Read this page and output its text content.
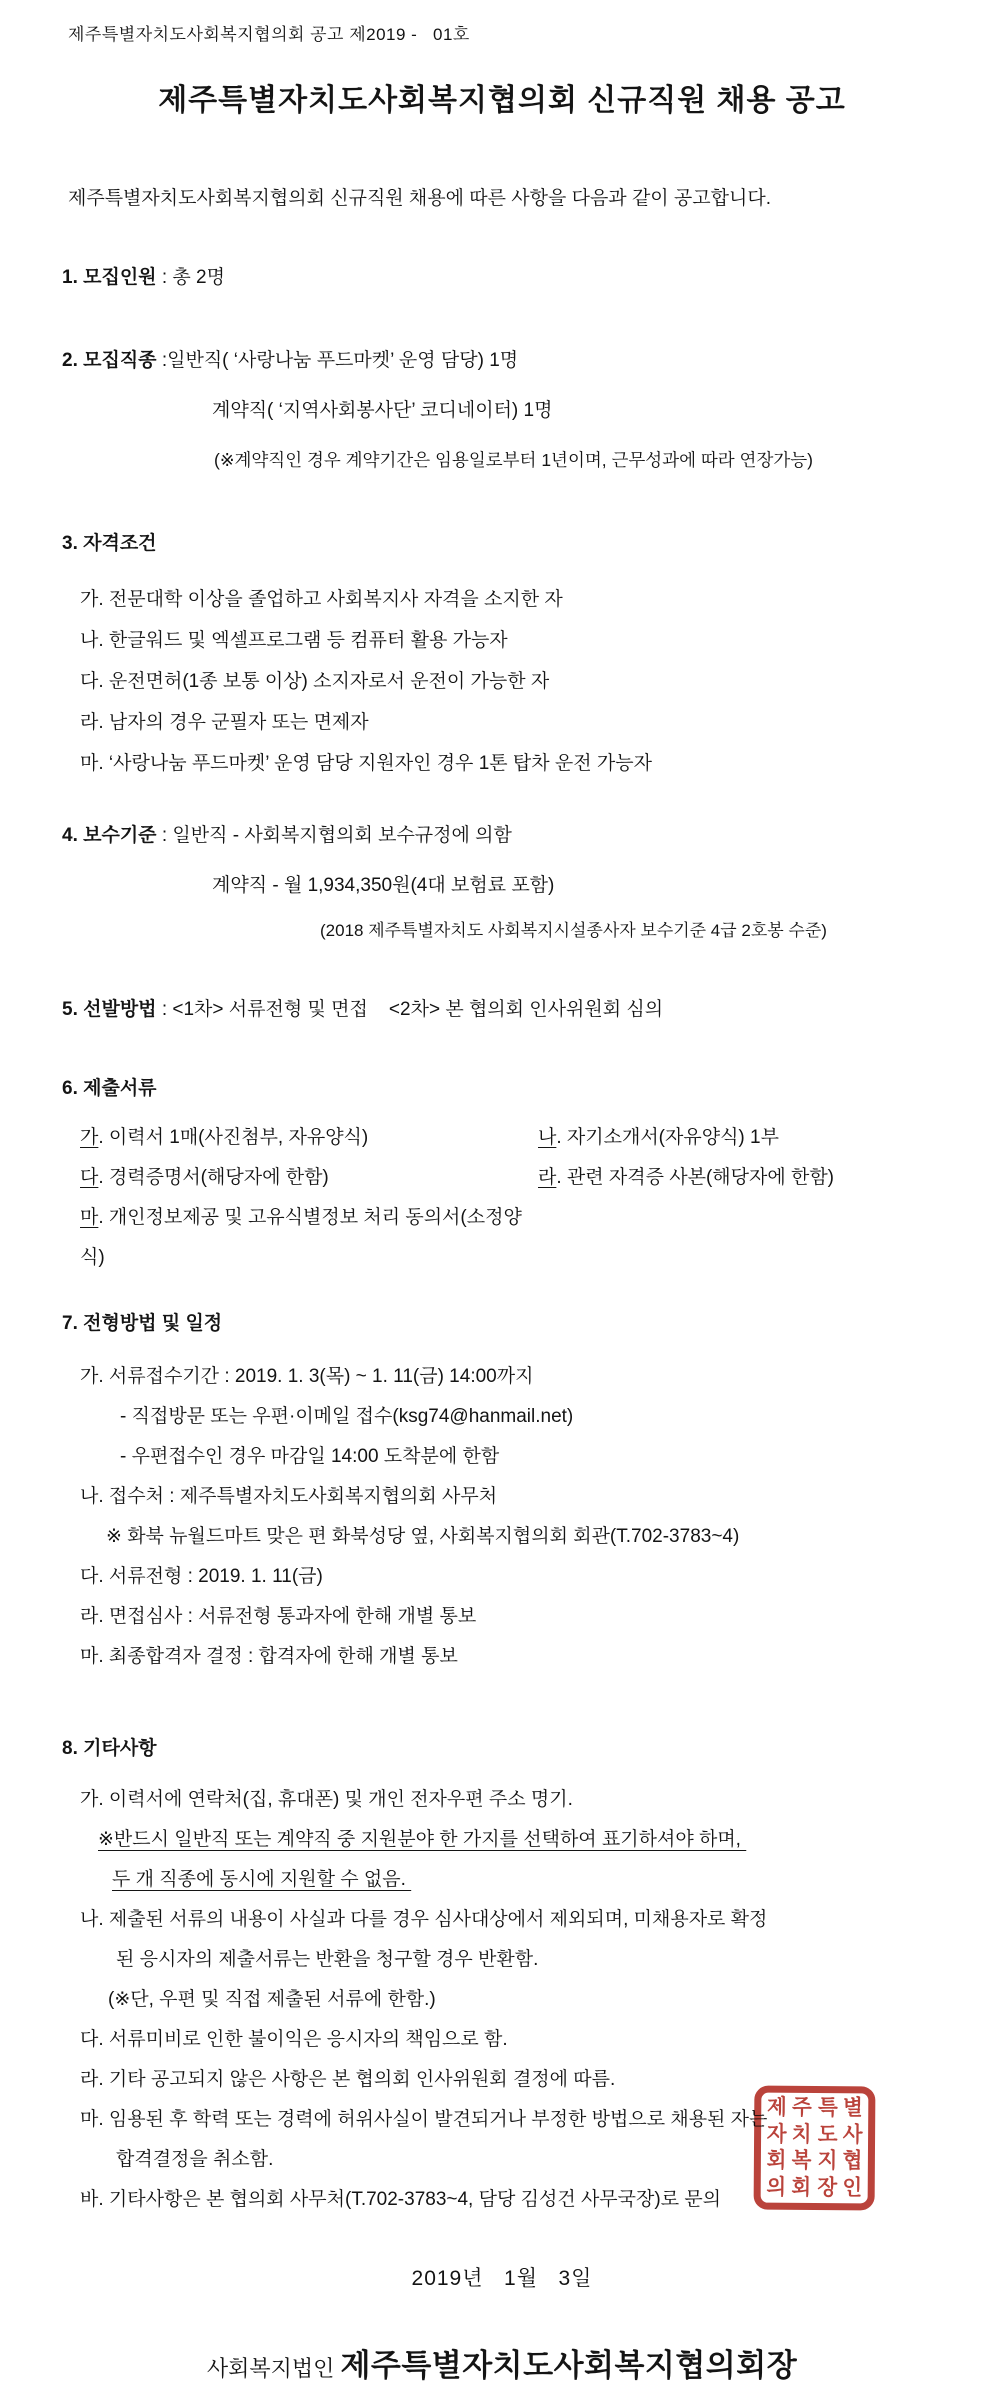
제주특별자치도사회복지협의회 공고 제2019 -   01호
제주특별자치도사회복지협의회 신규직원 채용 공고
제주특별자치도사회복지협의회 신규직원 채용에 따른 사항을 다음과 같이 공고합니다.
1. 모집인원 : 총 2명
2. 모집직종 :일반직( ‘사랑나눔 푸드마켓’ 운영 담당) 1명
계약직( ‘지역사회봉사단’ 코디네이터) 1명
(※계약직인 경우 계약기간은 임용일로부터 1년이며, 근무성과에 따라 연장가능)
3. 자격조건
가. 전문대학 이상을 졸업하고 사회복지사 자격을 소지한 자
나. 한글워드 및 엑셀프로그램 등 컴퓨터 활용 가능자
다. 운전면허(1종 보통 이상) 소지자로서 운전이 가능한 자
라. 남자의 경우 군필자 또는 면제자
마. ‘사랑나눔 푸드마켓’ 운영 담당 지원자인 경우 1톤 탑차 운전 가능자
4. 보수기준 : 일반직 - 사회복지협의회 보수규정에 의함
계약직 - 월 1,934,350원(4대 보험료 포함)
(2018 제주특별자치도 사회복지시설종사자 보수기준 4급 2호봉 수준)
5. 선발방법 : <1차> 서류전형 및 면접    <2차> 본 협의회 인사위원회 심의
6. 제출서류
가. 이력서 1매(사진첨부, 자유양식)	나. 자기소개서(자유양식) 1부
다. 경력증명서(해당자에 한함)	라. 관련 자격증 사본(해당자에 한함)
마. 개인정보제공 및 고유식별정보 처리 동의서(소정양식)
7. 전형방법 및 일정
가. 서류접수기간 : 2019. 1. 3(목) ~ 1. 11(금) 14:00까지
- 직접방문 또는 우편·이메일 접수(ksg74@hanmail.net)
- 우편접수인 경우 마감일 14:00 도착분에 한함
나. 접수처 : 제주특별자치도사회복지협의회 사무처
※ 화북 뉴월드마트 맞은 편 화북성당 옆, 사회복지협의회 회관(T.702-3783~4)
다. 서류전형 : 2019. 1. 11(금)
라. 면접심사 : 서류전형 통과자에 한해 개별 통보
마. 최종합격자 결정 : 합격자에 한해 개별 통보
8. 기타사항
가. 이력서에 연락처(집, 휴대폰) 및 개인 전자우편 주소 명기.
※반드시 일반직 또는 계약직 중 지원분야 한 가지를 선택하여 표기하셔야 하며,
두 개 직종에 동시에 지원할 수 없음.
나. 제출된 서류의 내용이 사실과 다를 경우 심사대상에서 제외되며, 미채용자로 확정
된 응시자의 제출서류는 반환을 청구할 경우 반환함.
(※단, 우편 및 직접 제출된 서류에 한함.)
다. 서류미비로 인한 불이익은 응시자의 책임으로 함.
라. 기타 공고되지 않은 사항은 본 협의회 인사위원회 결정에 따름.
마. 임용된 후 학력 또는 경력에 허위사실이 발견되거나 부정한 방법으로 채용된 자는
합격결정을 취소함.
바. 기타사항은 본 협의회 사무처(T.702-3783~4, 담당 김성건 사무국장)로 문의
2019년   1월   3일
사회복지법인 제주특별자치도사회복지협의회장
제 주 특 별
자 치 도 사
회 복 지 협
의 회 장 인
